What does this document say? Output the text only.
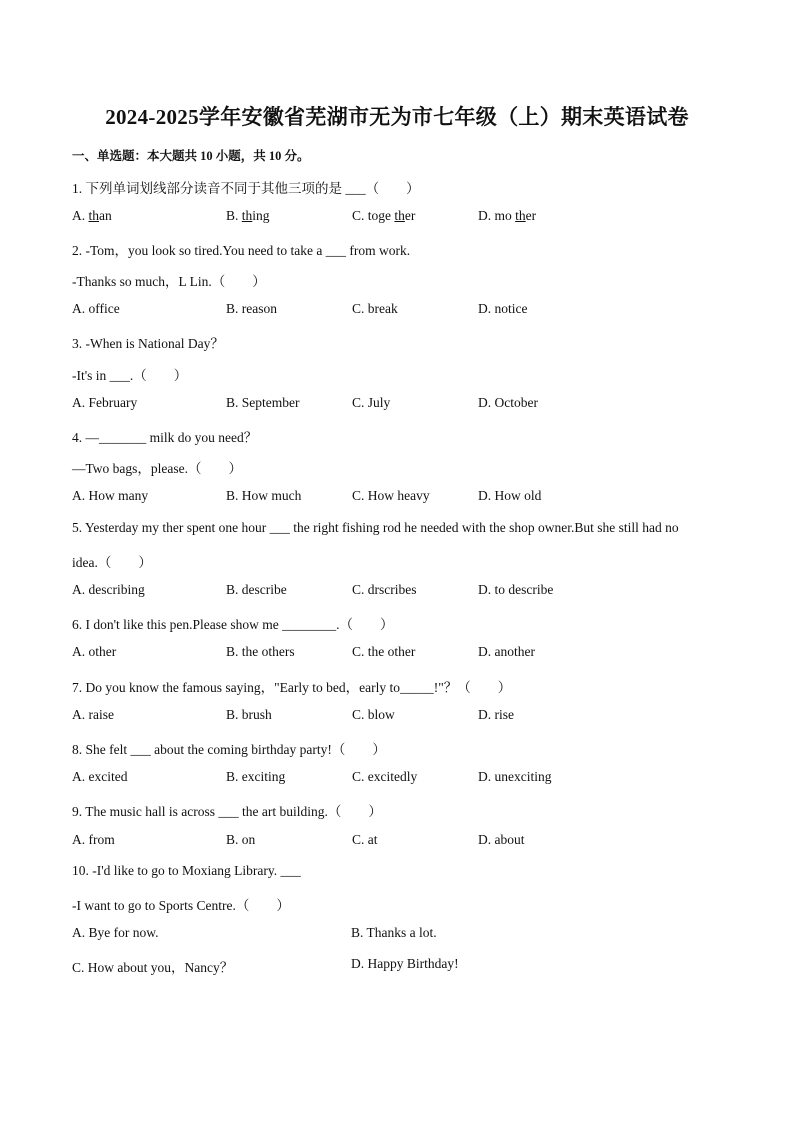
2024-2025学年安徽省芜湖市无为市七年级（上）期末英语试卷
一、单选题：本大题共 10 小题，共 10 分。
1. 下列单词划线部分读音不同于其他三项的是 ___（　　）
A. than	B. thing	C. toge ther	D. mo ther
2. -Tom，you look so tired.You need to take a ___ from work.
-Thanks so much，L Lin.（　　）
A. office	B. reason	C. break	D. notice
3. -When is National Day？
-It's in ___.（　　）
A. February	B. September	C. July	D. October
4. —_______ milk do you need？
—Two bags，please.（　　）
A. How many	B. How much	C. How heavy	D. How old
5. Yesterday my ther spent one hour ___ the right fishing rod he needed with the shop owner.But she still had no
idea.（　　）
A. describing	B. describe	C. drscribes	D. to describe
6. I don't like this pen.Please show me ________.（　　）
A. other	B. the others	C. the other	D. another
7. Do you know the famous saying，"Early to bed，early to_____!"？（　　）
A. raise	B. brush	C. blow	D. rise
8. She felt ___ about the coming birthday party!（　　）
A. excited	B. exciting	C. excitedly	D. unexciting
9. The music hall is across ___ the art building.（　　）
A. from	B. on	C. at	D. about
10. -I'd like to go to Moxiang Library. ___
-I want to go to Sports Centre.（　　）
A. Bye for now.	B. Thanks a lot.
C. How about you，Nancy？	D. Happy Birthday!
